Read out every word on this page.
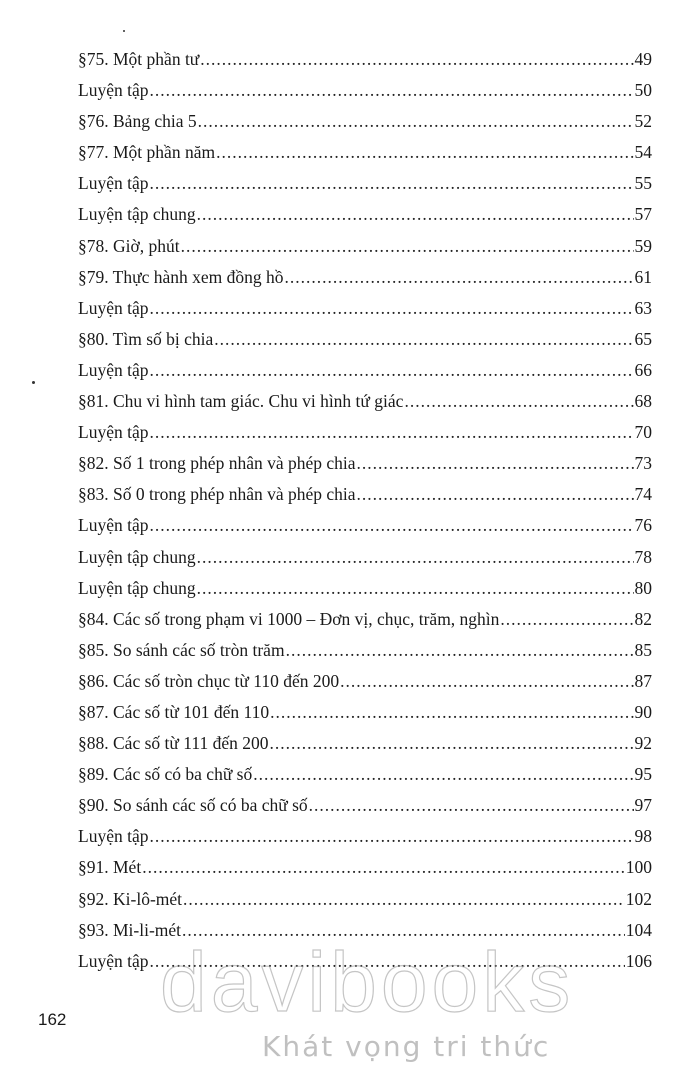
§75. Một phần tư .....	49
Luyện tập .....	50
§76. Bảng chia 5 .....	52
§77. Một phần năm .....	54
Luyện tập .....	55
Luyện tập chung .....	57
§78. Giờ, phút .....	59
§79. Thực hành xem đồng hồ .....	61
Luyện tập .....	63
§80. Tìm số bị chia .....	65
Luyện tập .....	66
§81. Chu vi hình tam giác. Chu vi hình tứ giác .....	68
Luyện tập .....	70
§82. Số 1 trong phép nhân và phép chia .....	73
§83. Số 0 trong phép nhân và phép chia .....	74
Luyện tập .....	76
Luyện tập chung .....	78
Luyện tập chung .....	80
§84. Các số trong phạm vi 1000 – Đơn vị, chục, trăm, nghìn .....	82
§85. So sánh các số tròn trăm .....	85
§86. Các số tròn chục từ 110 đến 200 .....	87
§87. Các số từ 101 đến 110 .....	90
§88. Các số từ 111 đến 200 .....	92
§89. Các số có ba chữ số .....	95
§90. So sánh các số có ba chữ số .....	97
Luyện tập .....	98
§91. Mét .....	100
§92. Ki-lô-mét .....	102
§93. Mi-li-mét .....	104
Luyện tập .....	106
162 davibooks
Khát vọng tri thức
